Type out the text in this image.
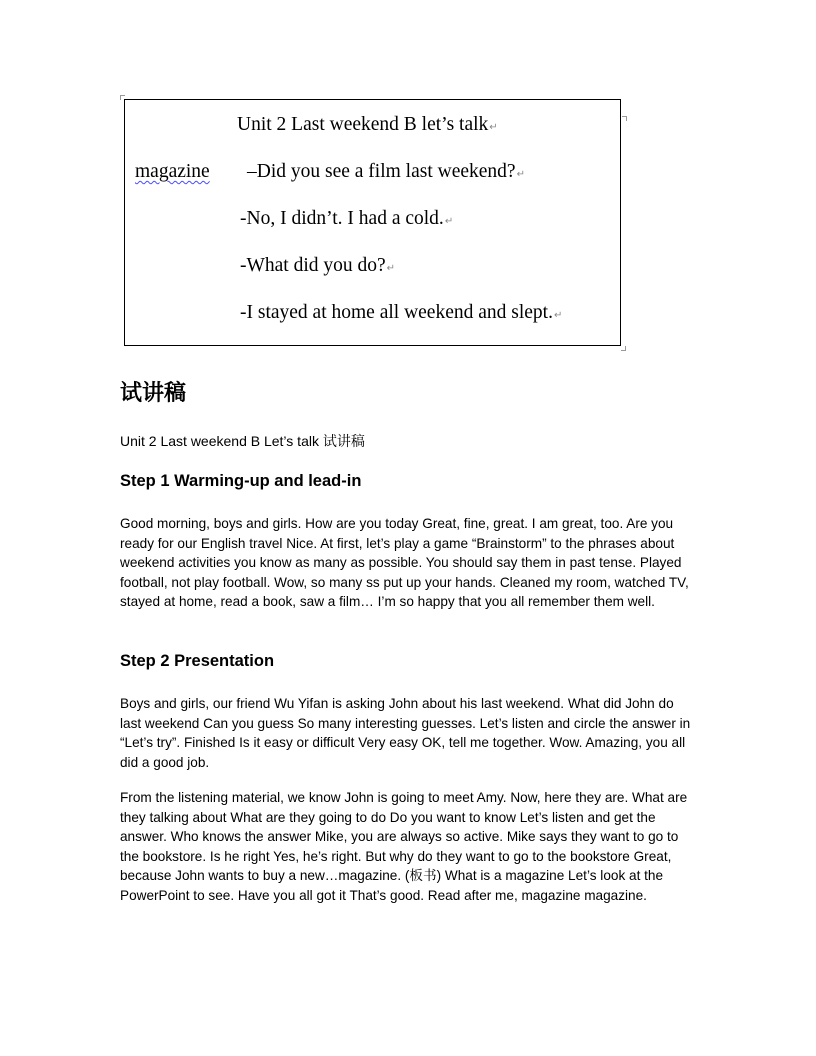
Unit 2 Last weekend B let’s talk↵
magazine –Did you see a film last weekend?↵
-No, I didn’t. I had a cold.↵
-What did you do?↵
-I stayed at home all weekend and slept.↵
试讲稿

Unit 2 Last weekend B Let’s talk 试讲稿

Step 1 Warming-up and lead-in

Good morning, boys and girls. How are you today Great, fine, great. I am great, too. Are you ready for our English travel Nice. At first, let’s play a game “Brainstorm” to the phrases about weekend activities you know as many as possible. You should say them in past tense. Played football, not play football. Wow, so many ss put up your hands. Cleaned my room, watched TV, stayed at home, read a book, saw a film… I’m so happy that you all remember them well.

Step 2 Presentation

Boys and girls, our friend Wu Yifan is asking John about his last weekend. What did John do last weekend Can you guess So many interesting guesses. Let’s listen and circle the answer in “Let’s try”. Finished Is it easy or difficult Very easy OK, tell me together. Wow. Amazing, you all did a good job.

From the listening material, we know John is going to meet Amy. Now, here they are. What are they talking about What are they going to do Do you want to know Let’s listen and get the answer. Who knows the answer Mike, you are always so active. Mike says they want to go to the bookstore. Is he right Yes, he’s right. But why do they want to go to the bookstore Great, because John wants to buy a new…magazine. (板书) What is a magazine Let’s look at the PowerPoint to see. Have you all got it That’s good. Read after me, magazine magazine.
